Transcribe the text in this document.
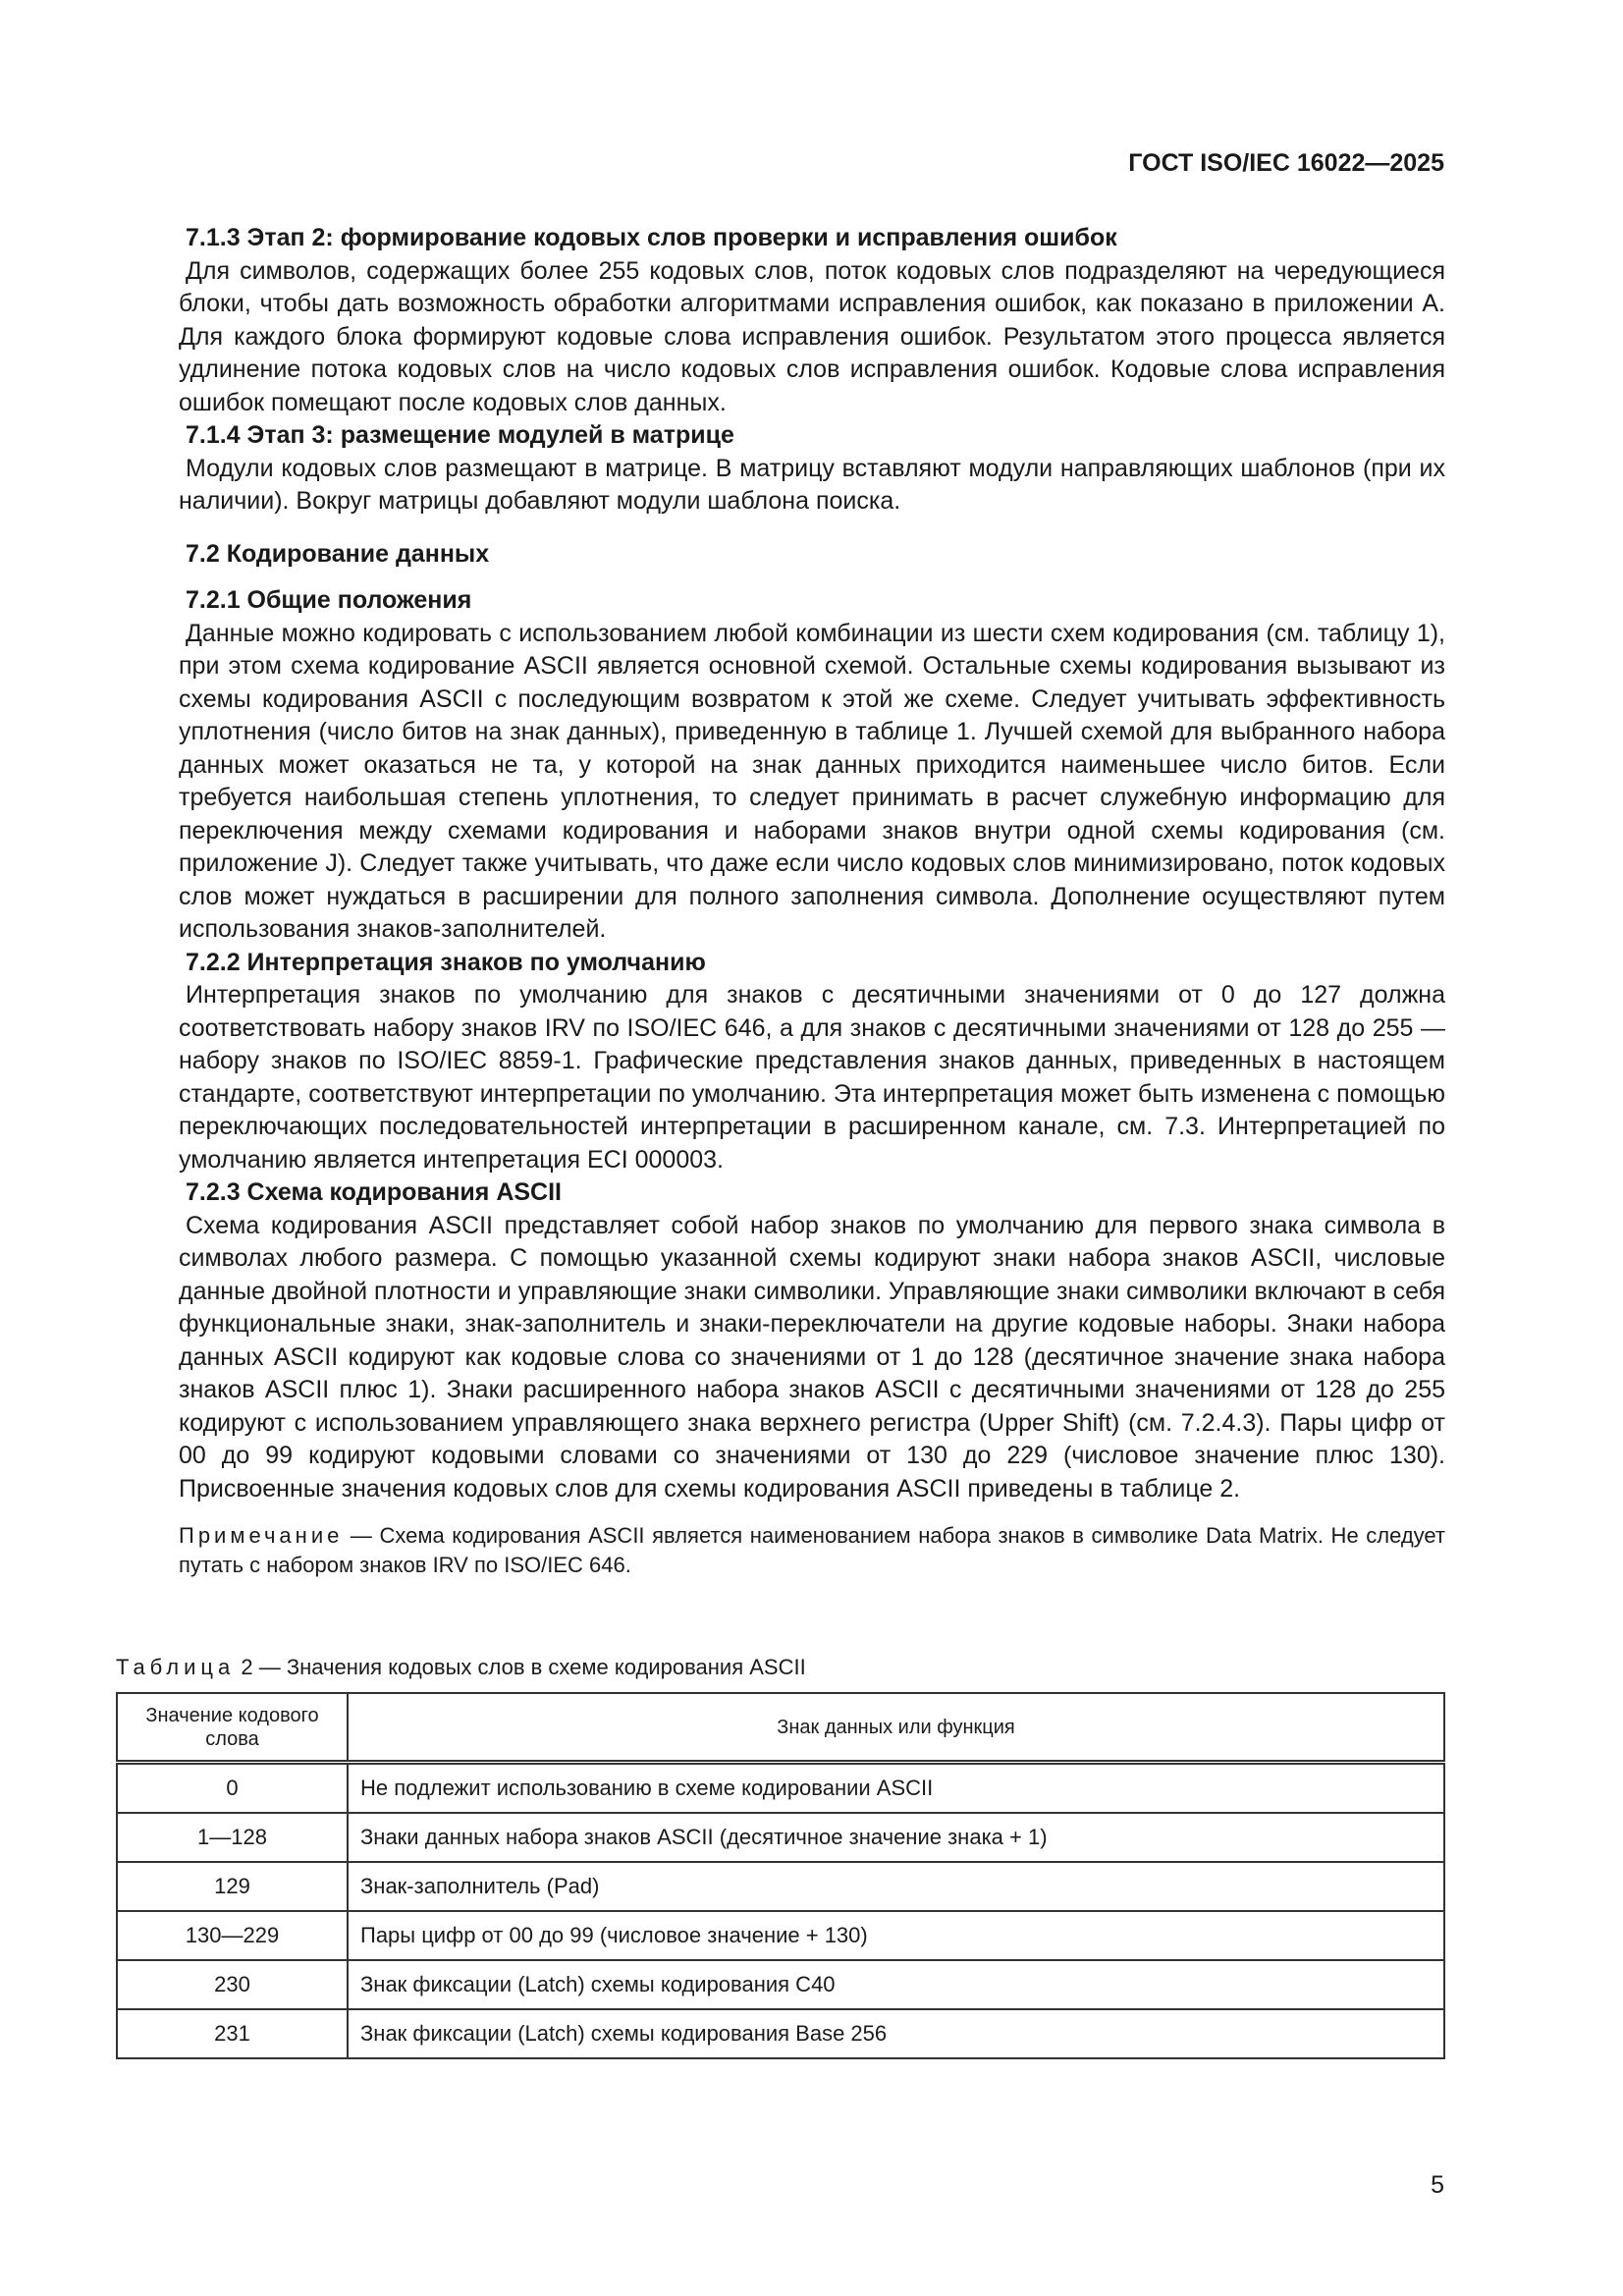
ГОСТ ISO/IEC 16022—2025

7.1.3 Этап 2: формирование кодовых слов проверки и исправления ошибок

Для символов, содержащих более 255 кодовых слов, поток кодовых слов подразделяют на чередующиеся блоки, чтобы дать возможность обработки алгоритмами исправления ошибок, как показано в приложении A. Для каждого блока формируют кодовые слова исправления ошибок. Результатом этого процесса является удлинение потока кодовых слов на число кодовых слов исправления ошибок. Кодовые слова исправления ошибок помещают после кодовых слов данных.

7.1.4 Этап 3: размещение модулей в матрице

Модули кодовых слов размещают в матрице. В матрицу вставляют модули направляющих шаблонов (при их наличии). Вокруг матрицы добавляют модули шаблона поиска.

7.2 Кодирование данных

7.2.1 Общие положения

Данные можно кодировать с использованием любой комбинации из шести схем кодирования (см. таблицу 1), при этом схема кодирование ASCII является основной схемой. Остальные схемы кодирования вызывают из схемы кодирования ASCII с последующим возвратом к этой же схеме. Следует учитывать эффективность уплотнения (число битов на знак данных), приведенную в таблице 1. Лучшей схемой для выбранного набора данных может оказаться не та, у которой на знак данных приходится наименьшее число битов. Если требуется наибольшая степень уплотнения, то следует принимать в расчет служебную информацию для переключения между схемами кодирования и наборами знаков внутри одной схемы кодирования (см. приложение J). Следует также учитывать, что даже если число кодовых слов минимизировано, поток кодовых слов может нуждаться в расширении для полного заполнения символа. Дополнение осуществляют путем использования знаков-заполнителей.

7.2.2 Интерпретация знаков по умолчанию

Интерпретация знаков по умолчанию для знаков с десятичными значениями от 0 до 127 должна соответствовать набору знаков IRV по ISO/IEC 646, а для знаков с десятичными значениями от 128 до 255 — набору знаков по ISO/IEC 8859-1. Графические представления знаков данных, приведенных в настоящем стандарте, соответствуют интерпретации по умолчанию. Эта интерпретация может быть изменена с помощью переключающих последовательностей интерпретации в расширенном канале, см. 7.3. Интерпретацией по умолчанию является интепретация ECI 000003.

7.2.3 Схема кодирования ASCII

Схема кодирования ASCII представляет собой набор знаков по умолчанию для первого знака символа в символах любого размера. С помощью указанной схемы кодируют знаки набора знаков ASCII, числовые данные двойной плотности и управляющие знаки символики. Управляющие знаки символики включают в себя функциональные знаки, знак-заполнитель и знаки-переключатели на другие кодовые наборы. Знаки набора данных ASCII кодируют как кодовые слова со значениями от 1 до 128 (десятичное значение знака набора знаков ASCII плюс 1). Знаки расширенного набора знаков ASCII с десятичными значениями от 128 до 255 кодируют с использованием управляющего знака верхнего регистра (Upper Shift) (см. 7.2.4.3). Пары цифр от 00 до 99 кодируют кодовыми словами со значениями от 130 до 229 (числовое значение плюс 130). Присвоенные значения кодовых слов для схемы кодирования ASCII приведены в таблице 2.

Примечание — Схема кодирования ASCII является наименованием набора знаков в символике Data Matrix. Не следует путать с набором знаков IRV по ISO/IEC 646.

Таблица 2 — Значения кодовых слов в схеме кодирования ASCII
Значение кодового слова	Знак данных или функция
0	Не подлежит использованию в схеме кодировании ASCII
1—128	Знаки данных набора знаков ASCII (десятичное значение знака + 1)
129	Знак-заполнитель (Pad)
130—229	Пары цифр от 00 до 99 (числовое значение + 130)
230	Знак фиксации (Latch) схемы кодирования C40
231	Знак фиксации (Latch) схемы кодирования Base 256
5
